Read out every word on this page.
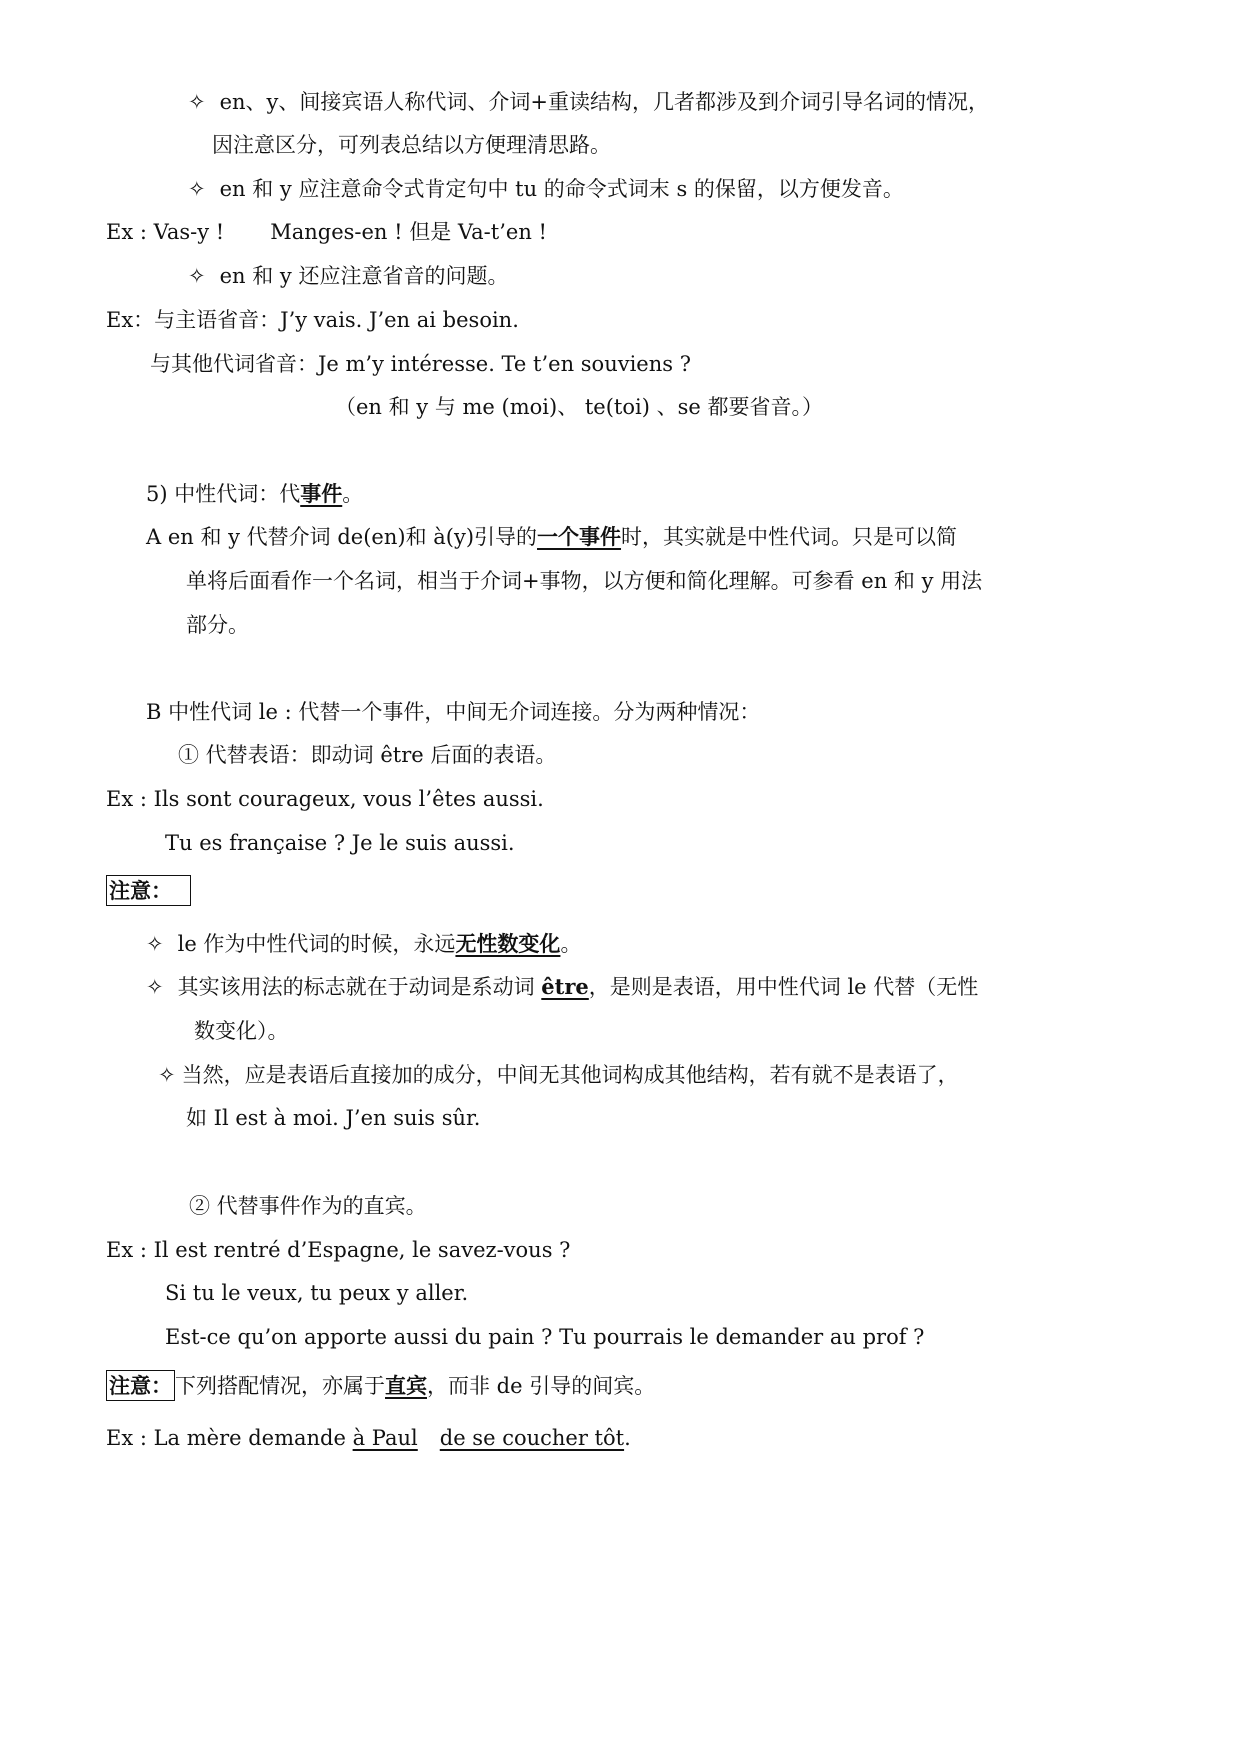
✧ en、y、间接宾语人称代词、介词+重读结构，几者都涉及到介词引导名词的情况，
因注意区分，可列表总结以方便理清思路。
✧ en 和 y 应注意命令式肯定句中 tu 的命令式词末 s 的保留，以方便发音。
Ex : Vas-y ! Manges-en ! 但是 Va-t’en !
✧ en 和 y 还应注意省音的问题。
Ex：与主语省音：J’y vais. J’en ai besoin.
与其他代词省音：Je m’y intéresse. Te t’en souviens ?
（en 和 y 与 me (moi)、 te(toi) 、se 都要省音。）
5) 中性代词：代事件。
A en 和 y 代替介词 de(en)和 à(y)引导的一个事件时，其实就是中性代词。只是可以简
单将后面看作一个名词，相当于介词+事物，以方便和简化理解。可参看 en 和 y 用法
部分。
B 中性代词 le : 代替一个事件，中间无介词连接。分为两种情况：
① 代替表语：即动词 être 后面的表语。
Ex : Ils sont courageux, vous l’êtes aussi.
Tu es française ? Je le suis aussi.
注意：
✧ le 作为中性代词的时候，永远无性数变化。
✧ 其实该用法的标志就在于动词是系动词 être，是则是表语，用中性代词 le 代替（无性
数变化）。
✧ 当然，应是表语后直接加的成分，中间无其他词构成其他结构，若有就不是表语了，
如 Il est à moi. J’en suis sûr.
② 代替事件作为的直宾。
Ex : Il est rentré d’Espagne, le savez-vous ?
Si tu le veux, tu peux y aller.
Est-ce qu’on apporte aussi du pain ? Tu pourrais le demander au prof ?
注意： 下列搭配情况，亦属于直宾，而非 de 引导的间宾。
Ex : La mère demande à Paul de se coucher tôt.
